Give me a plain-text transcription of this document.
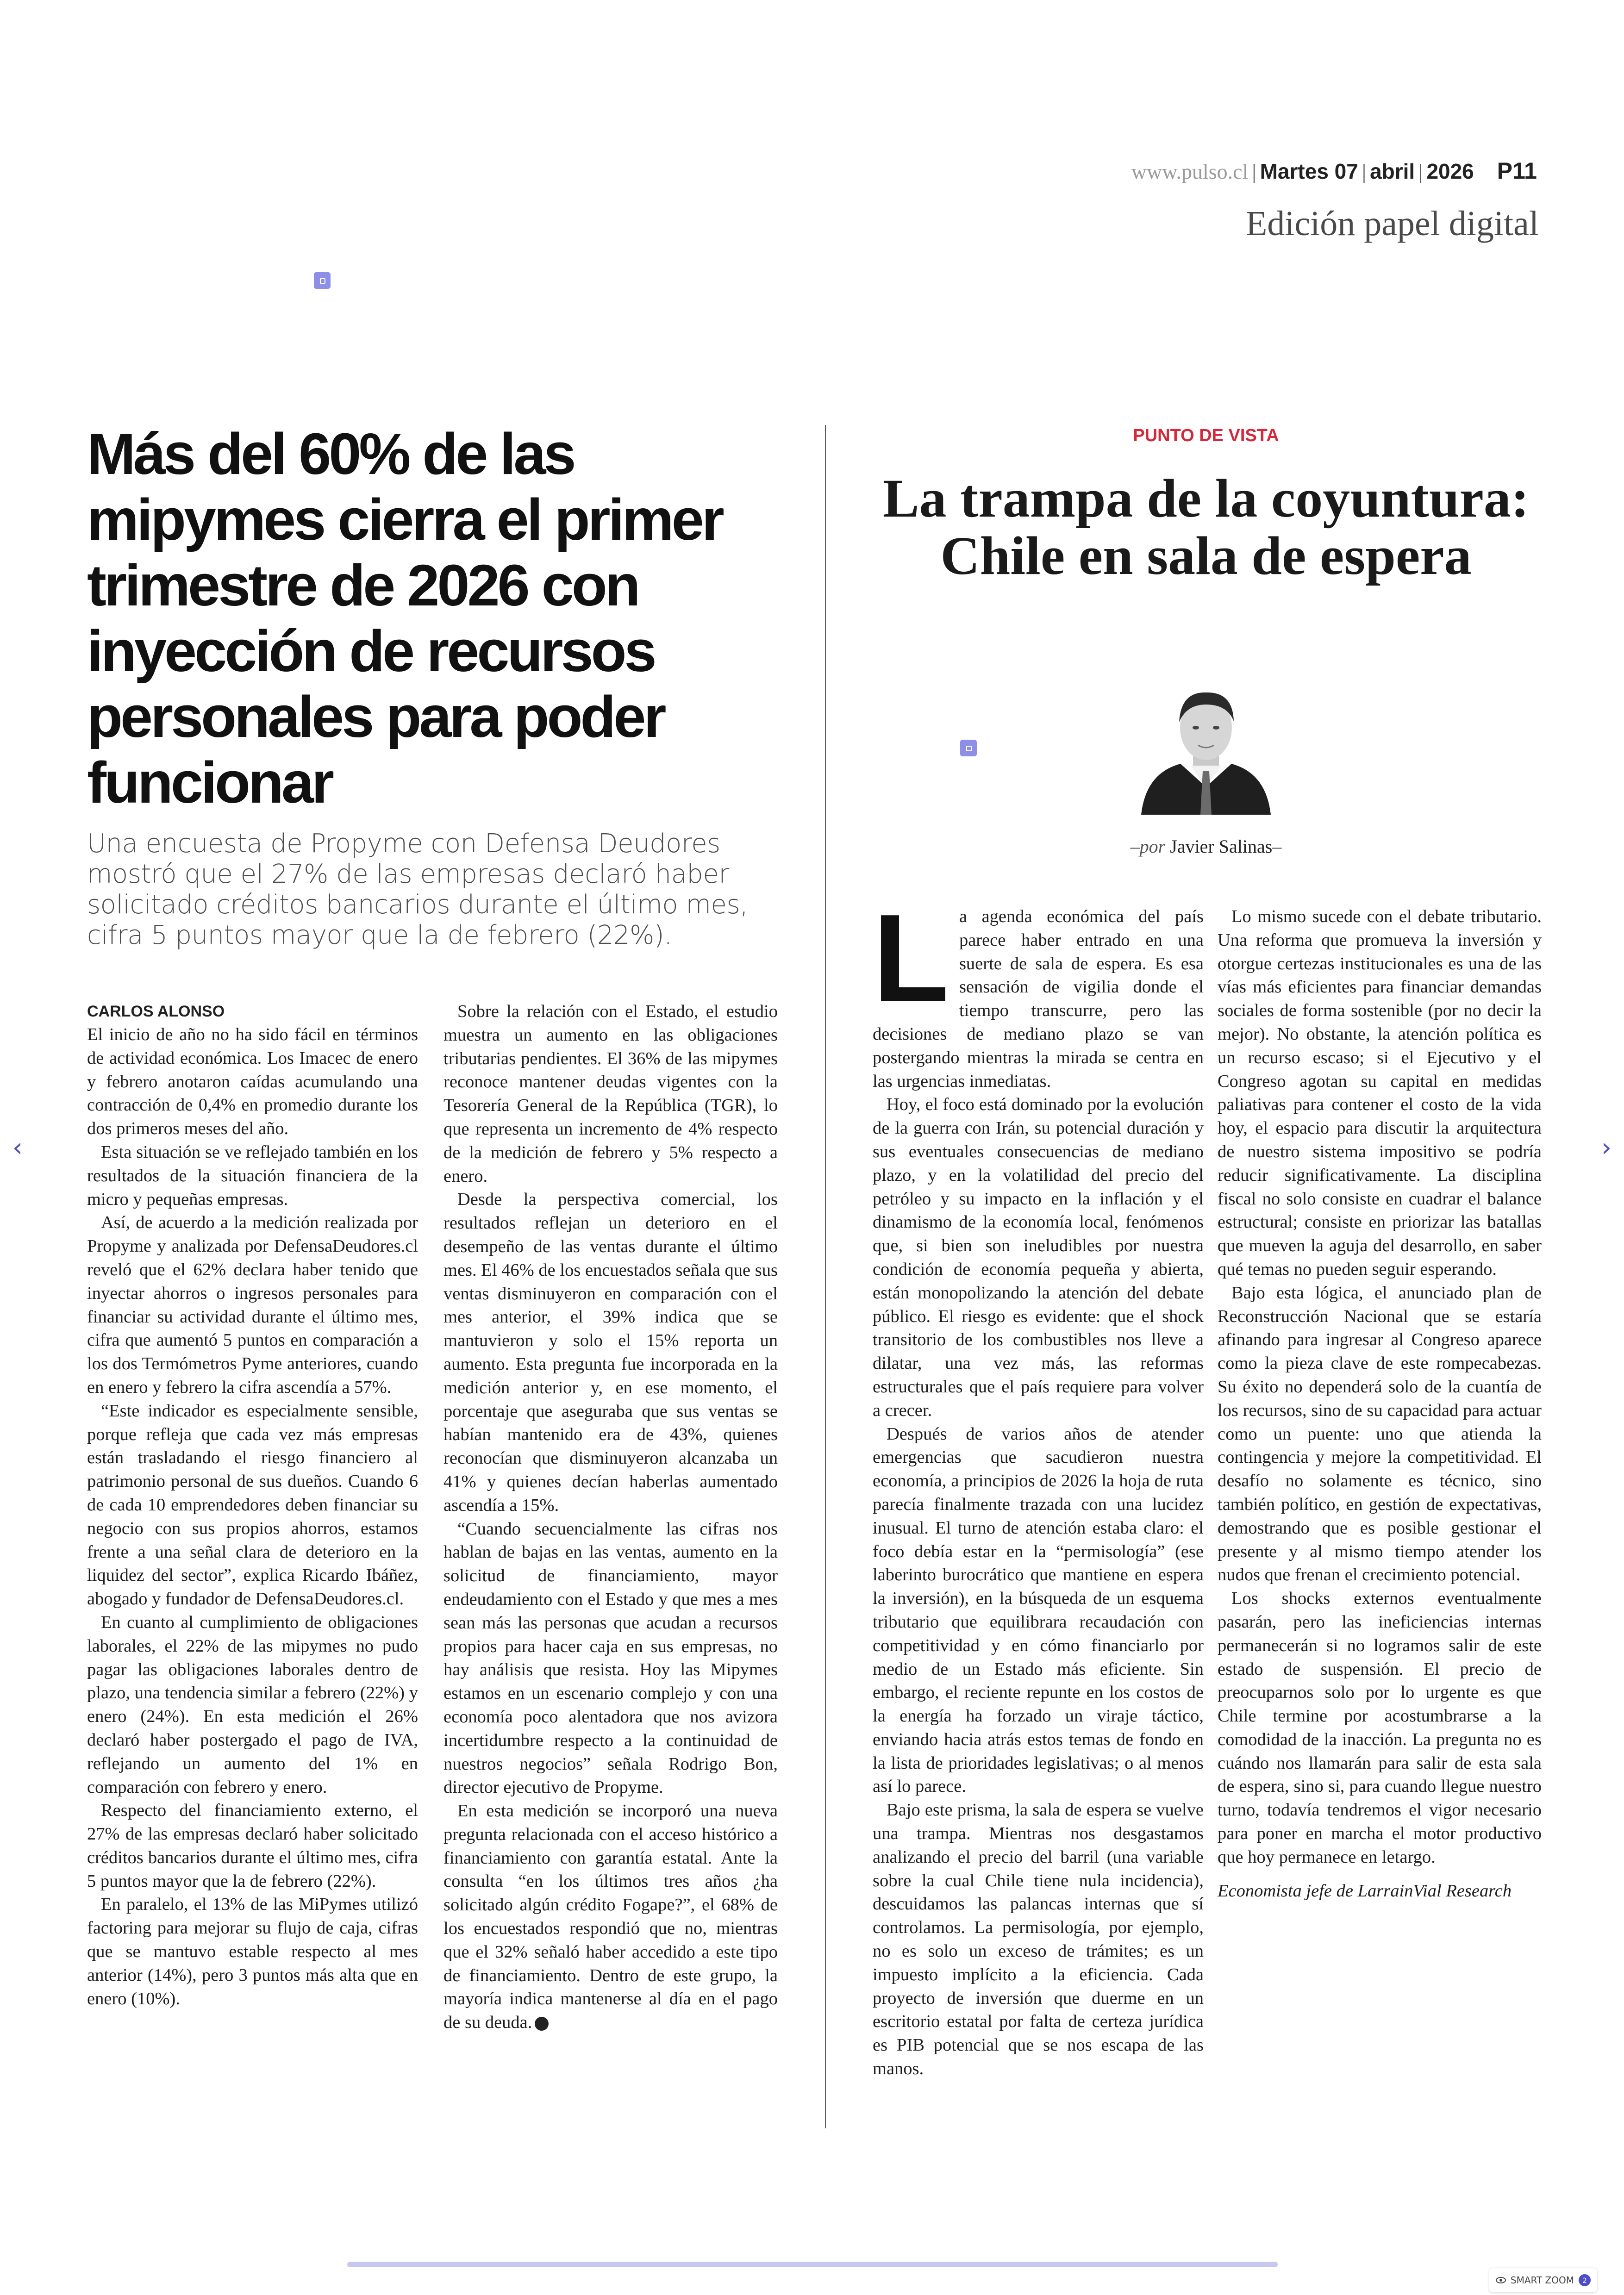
www.pulso.cl | Martes 07 | abril | 2026 P11
Edición papel digital
Más del 60% de las mipymes cierra el primer trimestre de 2026 con inyección de recursos personales para poder funcionar
Una encuesta de Propyme con Defensa Deudores mostró que el 27% de las empresas declaró haber solicitado créditos bancarios durante el último mes, cifra 5 puntos mayor que la de febrero (22%).
CARLOS ALONSO

El inicio de año no ha sido fácil en términos de actividad económica. Los Imacec de enero y febrero anotaron caídas acumulando una contracción de 0,4% en promedio durante los dos primeros meses del año.

Esta situación se ve reflejado también en los resultados de la situación financiera de la micro y pequeñas empresas.

Así, de acuerdo a la medición realizada por Propyme y analizada por DefensaDeudores.cl reveló que el 62% declara haber tenido que inyectar ahorros o ingresos personales para financiar su actividad durante el último mes, cifra que aumentó 5 puntos en comparación a los dos Termómetros Pyme anteriores, cuando en enero y febrero la cifra ascendía a 57%.

“Este indicador es especialmente sensible, porque refleja que cada vez más empresas están trasladando el riesgo financiero al patrimonio personal de sus dueños. Cuando 6 de cada 10 emprendedores deben financiar su negocio con sus propios ahorros, estamos frente a una señal clara de deterioro en la liquidez del sector”, explica Ricardo Ibáñez, abogado y fundador de DefensaDeudores.cl.

En cuanto al cumplimiento de obligaciones laborales, el 22% de las mipymes no pudo pagar las obligaciones laborales dentro de plazo, una tendencia similar a febrero (22%) y enero (24%). En esta medición el 26% declaró haber postergado el pago de IVA, reflejando un aumento del 1% en comparación con febrero y enero.

Respecto del financiamiento externo, el 27% de las empresas declaró haber solicitado créditos bancarios durante el último mes, cifra 5 puntos mayor que la de febrero (22%).

En paralelo, el 13% de las MiPymes utilizó factoring para mejorar su flujo de caja, cifras que se mantuvo estable respecto al mes anterior (14%), pero 3 puntos más alta que en enero (10%).

Sobre la relación con el Estado, el estudio muestra un aumento en las obligaciones tributarias pendientes. El 36% de las mipymes reconoce mantener deudas vigentes con la Tesorería General de la República (TGR), lo que representa un incremento de 4% respecto de la medición de febrero y 5% respecto a enero.

Desde la perspectiva comercial, los resultados reflejan un deterioro en el desempeño de las ventas durante el último mes. El 46% de los encuestados señala que sus ventas disminuyeron en comparación con el mes anterior, el 39% indica que se mantuvieron y solo el 15% reporta un aumento. Esta pregunta fue incorporada en la medición anterior y, en ese momento, el porcentaje que aseguraba que sus ventas se habían mantenido era de 43%, quienes reconocían que disminuyeron alcanzaba un 41% y quienes decían haberlas aumentado ascendía a 15%.

“Cuando secuencialmente las cifras nos hablan de bajas en las ventas, aumento en la solicitud de financiamiento, mayor endeudamiento con el Estado y que mes a mes sean más las personas que acudan a recursos propios para hacer caja en sus empresas, no hay análisis que resista. Hoy las Mipymes estamos en un escenario complejo y con una economía poco alentadora que nos avizora incertidumbre respecto a la continuidad de nuestros negocios” señala Rodrigo Bon, director ejecutivo de Propyme.

En esta medición se incorporó una nueva pregunta relacionada con el acceso histórico a financiamiento con garantía estatal. Ante la consulta “en los últimos tres años ¿ha solicitado algún crédito Fogape?”, el 68% de los encuestados respondió que no, mientras que el 32% señaló haber accedido a este tipo de financiamiento. Dentro de este grupo, la mayoría indica mantenerse al día en el pago de su deuda.

PUNTO DE VISTA
La trampa de la coyuntura: Chile en sala de espera
–por Javier Salinas–

La agenda económica del país parece haber entrado en una suerte de sala de espera. Es esa sensación de vigilia donde el tiempo transcurre, pero las decisiones de mediano plazo se van postergando mientras la mirada se centra en las urgencias inmediatas.

Hoy, el foco está dominado por la evolución de la guerra con Irán, su potencial duración y sus eventuales consecuencias de mediano plazo, y en la volatilidad del precio del petróleo y su impacto en la inflación y el dinamismo de la economía local, fenómenos que, si bien son ineludibles por nuestra condición de economía pequeña y abierta, están monopolizando la atención del debate público. El riesgo es evidente: que el shock transitorio de los combustibles nos lleve a dilatar, una vez más, las reformas estructurales que el país requiere para volver a crecer.

Después de varios años de atender emergencias que sacudieron nuestra economía, a principios de 2026 la hoja de ruta parecía finalmente trazada con una lucidez inusual. El turno de atención estaba claro: el foco debía estar en la “permisología” (ese laberinto burocrático que mantiene en espera la inversión), en la búsqueda de un esquema tributario que equilibrara recaudación con competitividad y en cómo financiarlo por medio de un Estado más eficiente. Sin embargo, el reciente repunte en los costos de la energía ha forzado un viraje táctico, enviando hacia atrás estos temas de fondo en la lista de prioridades legislativas; o al menos así lo parece.

Bajo este prisma, la sala de espera se vuelve una trampa. Mientras nos desgastamos analizando el precio del barril (una variable sobre la cual Chile tiene nula incidencia), descuidamos las palancas internas que sí controlamos. La permisología, por ejemplo, no es solo un exceso de trámites; es un impuesto implícito a la eficiencia. Cada proyecto de inversión que duerme en un escritorio estatal por falta de certeza jurídica es PIB potencial que se nos escapa de las manos.

Lo mismo sucede con el debate tributario. Una reforma que promueva la inversión y otorgue certezas institucionales es una de las vías más eficientes para financiar demandas sociales de forma sostenible (por no decir la mejor). No obstante, la atención política es un recurso escaso; si el Ejecutivo y el Congreso agotan su capital en medidas paliativas para contener el costo de la vida hoy, el espacio para discutir la arquitectura de nuestro sistema impositivo se podría reducir significativamente. La disciplina fiscal no solo consiste en cuadrar el balance estructural; consiste en priorizar las batallas que mueven la aguja del desarrollo, en saber qué temas no pueden seguir esperando.

Bajo esta lógica, el anunciado plan de Reconstrucción Nacional que se estaría afinando para ingresar al Congreso aparece como la pieza clave de este rompecabezas. Su éxito no dependerá solo de la cuantía de los recursos, sino de su capacidad para actuar como un puente: uno que atienda la contingencia y mejore la competitividad. El desafío no solamente es técnico, sino también político, en gestión de expectativas, demostrando que es posible gestionar el presente y al mismo tiempo atender los nudos que frenan el crecimiento potencial.

Los shocks externos eventualmente pasarán, pero las ineficiencias internas permanecerán si no logramos salir de este estado de suspensión. El precio de preocuparnos solo por lo urgente es que Chile termine por acostumbrarse a la comodidad de la inacción. La pregunta no es cuándo nos llamarán para salir de esta sala de espera, sino si, para cuando llegue nuestro turno, todavía tendremos el vigor necesario para poner en marcha el motor productivo que hoy permanece en letargo.

Economista jefe de LarrainVial Research

‹	›
SMART ZOOM	2
